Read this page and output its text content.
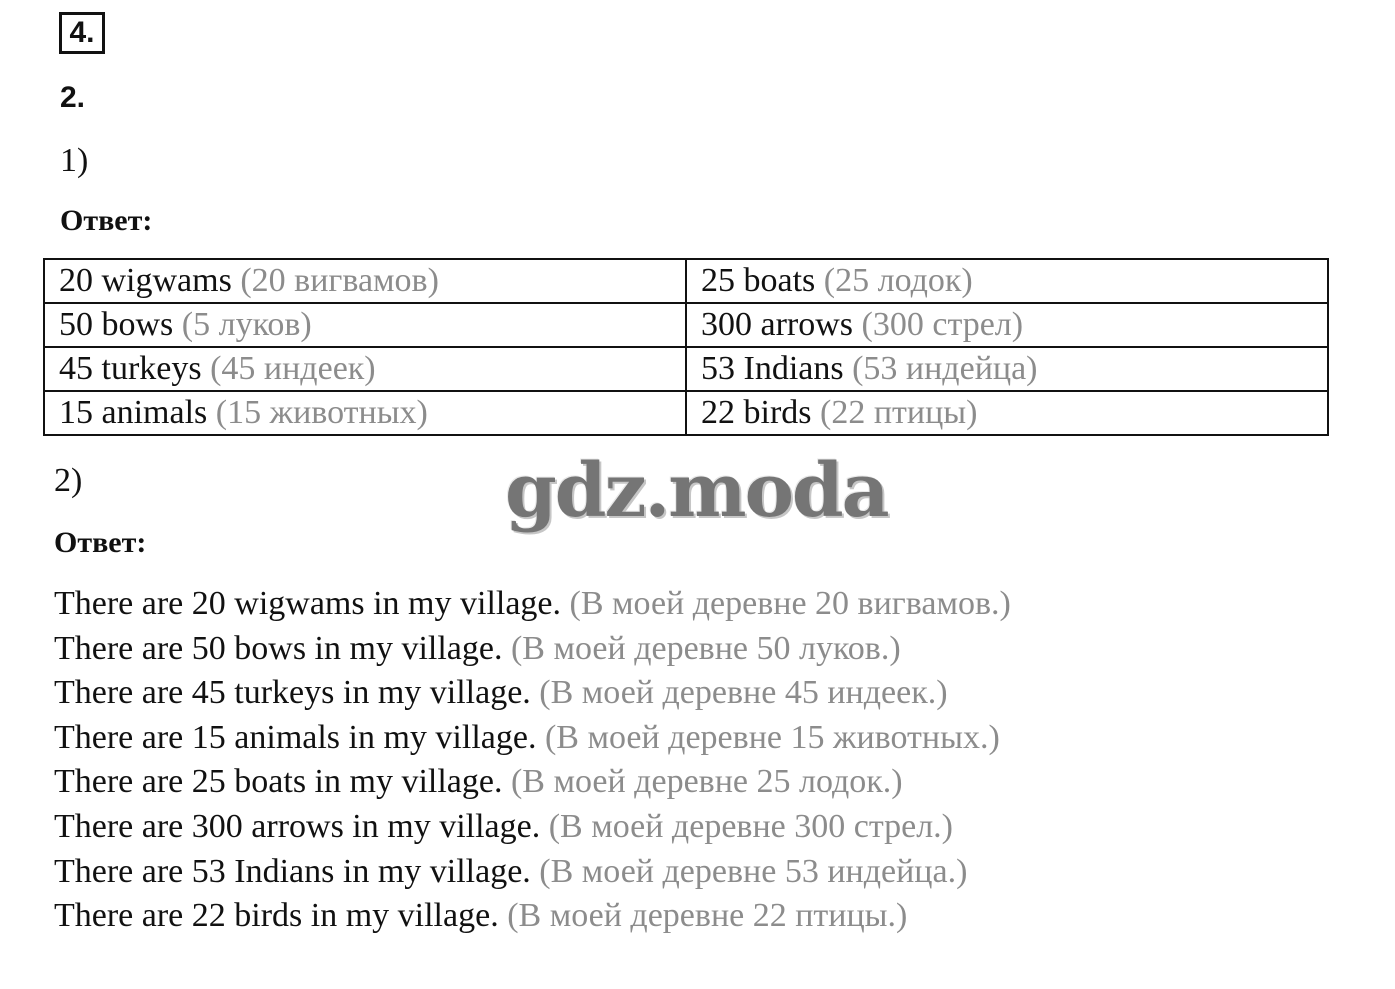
4.
2.
1)
Ответ:
20 wigwams (20 вигвамов)	25 boats (25 лодок)
50 bows (5 луков)	300 arrows (300 стрел)
45 turkeys (45 индеек)	53 Indians (53 индейца)
15 animals (15 животных)	22 birds (22 птицы)
2)
Ответ:
There are 20 wigwams in my village. (В моей деревне 20 вигвамов.)
There are 50 bows in my village. (В моей деревне 50 луков.)
There are 45 turkeys in my village. (В моей деревне 45 индеек.)
There are 15 animals in my village. (В моей деревне 15 животных.)
There are 25 boats in my village. (В моей деревне 25 лодок.)
There are 300 arrows in my village. (В моей деревне 300 стрел.)
There are 53 Indians in my village. (В моей деревне 53 индейца.)
There are 22 birds in my village. (В моей деревне 22 птицы.)
gdz.moda
